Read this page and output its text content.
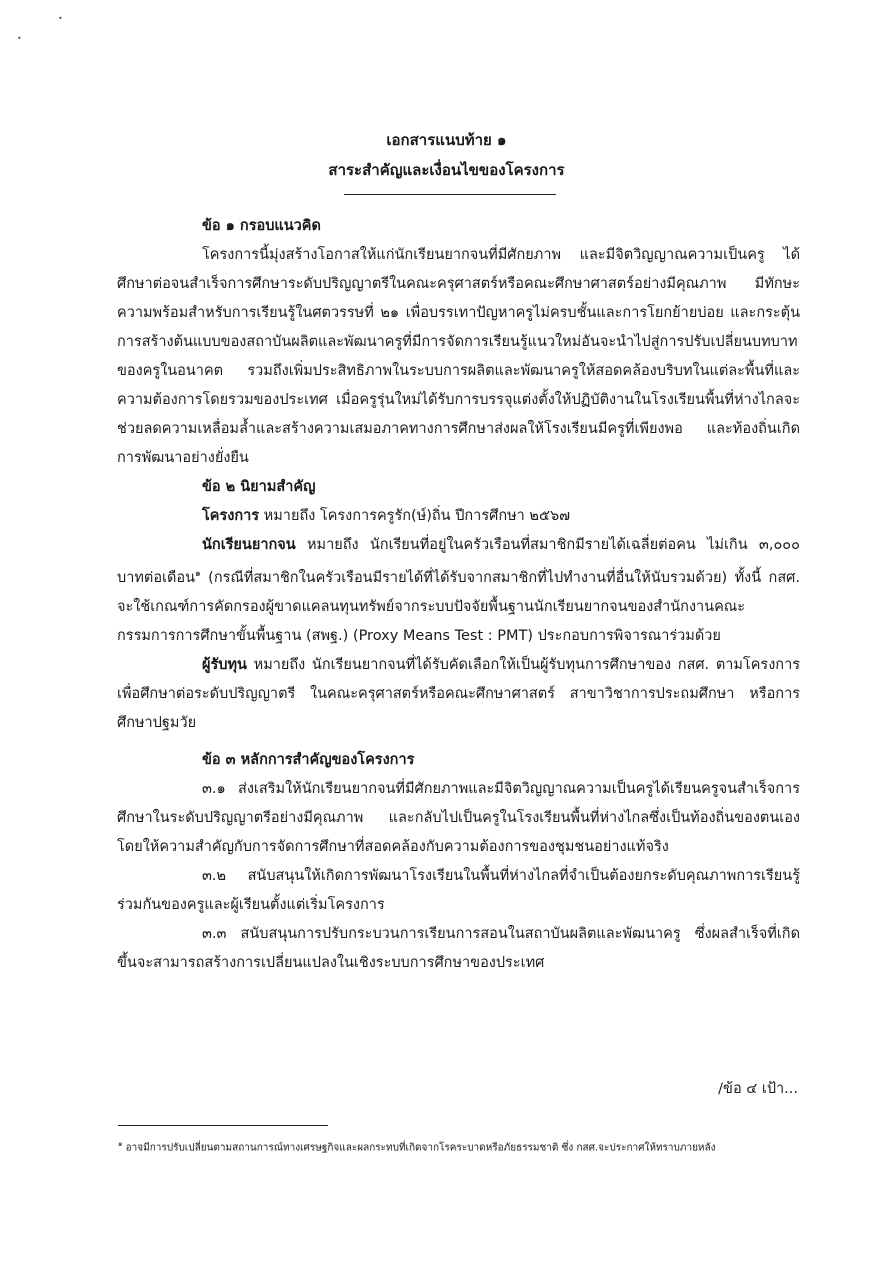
•
•
เอกสารแนบท้าย ๑
สาระสำคัญและเงื่อนไขของโครงการ

ข้อ ๑ กรอบแนวคิด

โครงการนี้มุ่งสร้างโอกาสให้แก่นักเรียนยากจนที่มีศักยภาพ และมีจิตวิญญาณความเป็นครู ได้ศึกษาต่อจนสำเร็จการศึกษาระดับปริญญาตรีในคณะครุศาสตร์หรือคณะศึกษาศาสตร์อย่างมีคุณภาพ มีทักษะความพร้อมสำหรับการเรียนรู้ในศตวรรษที่ ๒๑ เพื่อบรรเทาปัญหาครูไม่ครบชั้นและการโยกย้ายบ่อย และกระตุ้นการสร้างต้นแบบของสถาบันผลิตและพัฒนาครูที่มีการจัดการเรียนรู้แนวใหม่อันจะนำไปสู่การปรับเปลี่ยนบทบาทของครูในอนาคต รวมถึงเพิ่มประสิทธิภาพในระบบการผลิตและพัฒนาครูให้สอดคล้องบริบทในแต่ละพื้นที่และความต้องการโดยรวมของประเทศ เมื่อครูรุ่นใหม่ได้รับการบรรจุแต่งตั้งให้ปฏิบัติงานในโรงเรียนพื้นที่ห่างไกลจะช่วยลดความเหลื่อมล้ำและสร้างความเสมอภาคทางการศึกษาส่งผลให้โรงเรียนมีครูที่เพียงพอ และท้องถิ่นเกิดการพัฒนาอย่างยั่งยืน

ข้อ ๒ นิยามสำคัญ

โครงการ หมายถึง โครงการครูรัก(ษ์)ถิ่น ปีการศึกษา ๒๕๖๗

นักเรียนยากจน หมายถึง นักเรียนที่อยู่ในครัวเรือนที่สมาชิกมีรายได้เฉลี่ยต่อคน ไม่เกิน ๓,๐๐๐ บาทต่อเดือน$^๑$ (กรณีที่สมาชิกในครัวเรือนมีรายได้ที่ได้รับจากสมาชิกที่ไปทำงานที่อื่นให้นับรวมด้วย) ทั้งนี้ กสศ. จะใช้เกณฑ์การคัดกรองผู้ขาดแคลนทุนทรัพย์จากระบบปัจจัยพื้นฐานนักเรียนยากจนของสำนักงานคณะกรรมการการศึกษาขั้นพื้นฐาน (สพฐ.) (Proxy Means Test : PMT) ประกอบการพิจารณาร่วมด้วย

ผู้รับทุน หมายถึง นักเรียนยากจนที่ได้รับคัดเลือกให้เป็นผู้รับทุนการศึกษาของ กสศ. ตามโครงการเพื่อศึกษาต่อระดับปริญญาตรี ในคณะครุศาสตร์หรือคณะศึกษาศาสตร์ สาขาวิชาการประถมศึกษา หรือการศึกษาปฐมวัย

ข้อ ๓ หลักการสำคัญของโครงการ

๓.๑ ส่งเสริมให้นักเรียนยากจนที่มีศักยภาพและมีจิตวิญญาณความเป็นครูได้เรียนครูจนสำเร็จการศึกษาในระดับปริญญาตรีอย่างมีคุณภาพ และกลับไปเป็นครูในโรงเรียนพื้นที่ห่างไกลซึ่งเป็นท้องถิ่นของตนเองโดยให้ความสำคัญกับการจัดการศึกษาที่สอดคล้องกับความต้องการของชุมชนอย่างแท้จริง

๓.๒ สนับสนุนให้เกิดการพัฒนาโรงเรียนในพื้นที่ห่างไกลที่จำเป็นต้องยกระดับคุณภาพการเรียนรู้ร่วมกันของครูและผู้เรียนตั้งแต่เริ่มโครงการ

๓.๓ สนับสนุนการปรับกระบวนการเรียนการสอนในสถาบันผลิตและพัฒนาครู ซึ่งผลสำเร็จที่เกิดขึ้นจะสามารถสร้างการเปลี่ยนแปลงในเชิงระบบการศึกษาของประเทศ

/ข้อ ๔ เป้า...
$^๑$ อาจมีการปรับเปลี่ยนตามสถานการณ์ทางเศรษฐกิจและผลกระทบที่เกิดจากโรคระบาดหรือภัยธรรมชาติ ซึ่ง กสศ.จะประกาศให้ทราบภายหลัง
